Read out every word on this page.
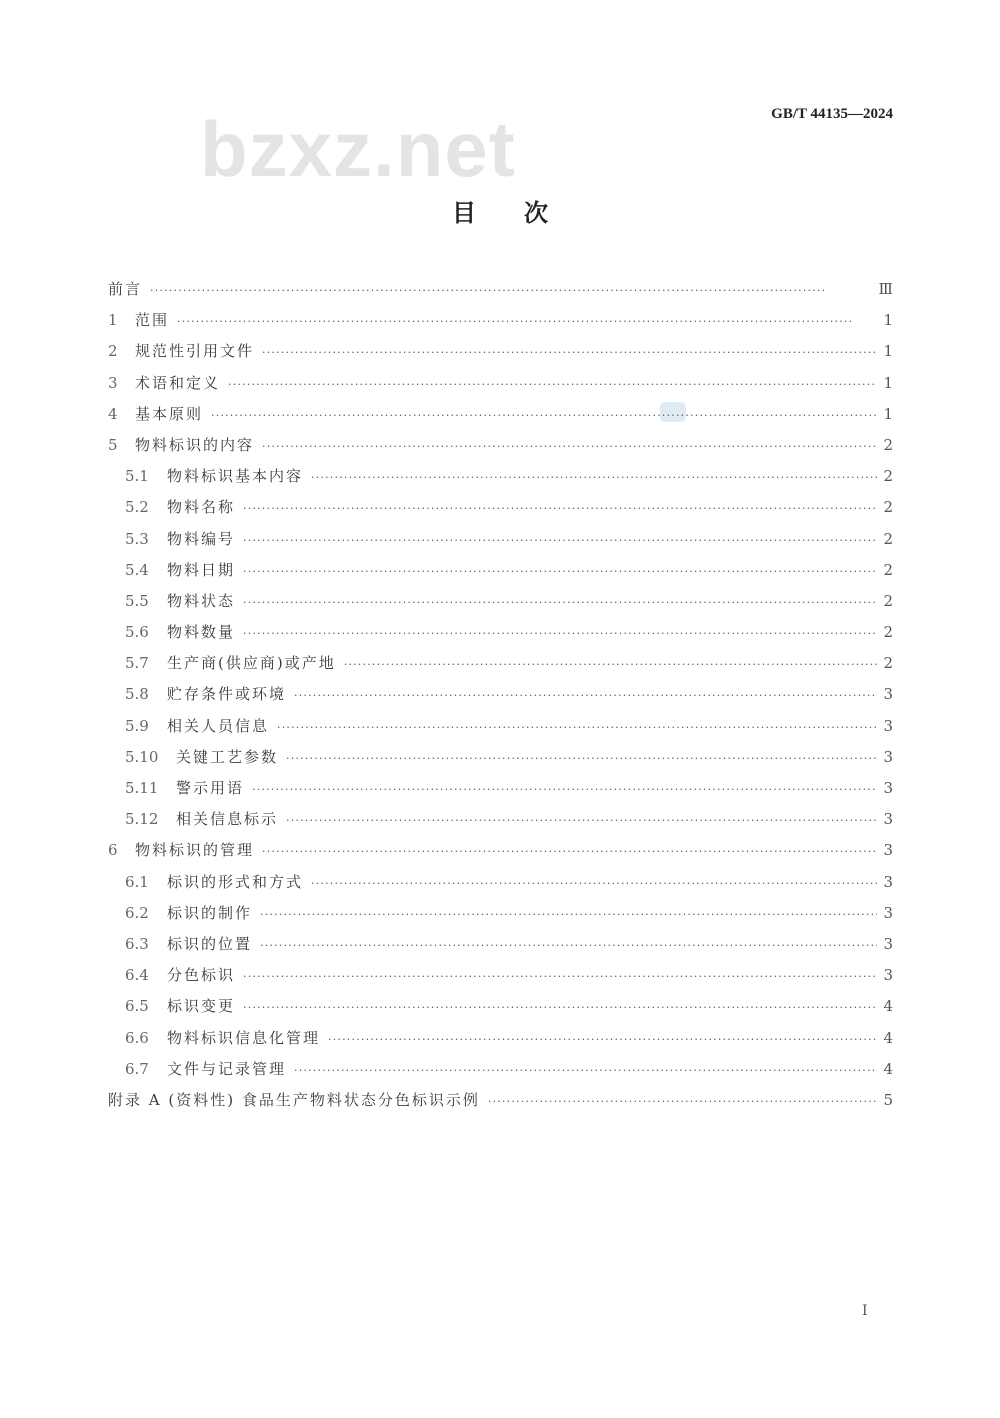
GB/T 44135—2024
bzxz.net
目 次
前言 ·····	Ⅲ
1	范围 ·····	1
2	规范性引用文件 ·····	1
3	术语和定义 ·····	1
4	基本原则 ·····	1
5	物料标识的内容 ·····	2
5.1	物料标识基本内容 ·····	2
5.2	物料名称 ·····	2
5.3	物料编号 ·····	2
5.4	物料日期 ·····	2
5.5	物料状态 ·····	2
5.6	物料数量 ·····	2
5.7	生产商(供应商)或产地 ·····	2
5.8	贮存条件或环境 ·····	3
5.9	相关人员信息 ·····	3
5.10	关键工艺参数 ·····	3
5.11	警示用语 ·····	3
5.12	相关信息标示 ·····	3
6	物料标识的管理 ·····	3
6.1	标识的形式和方式 ·····	3
6.2	标识的制作 ·····	3
6.3	标识的位置 ·····	3
6.4	分色标识 ·····	3
6.5	标识变更 ·····	4
6.6	物料标识信息化管理 ·····	4
6.7	文件与记录管理 ·····	4
附录 A (资料性) 食品生产物料状态分色标识示例 ·····	5
I
